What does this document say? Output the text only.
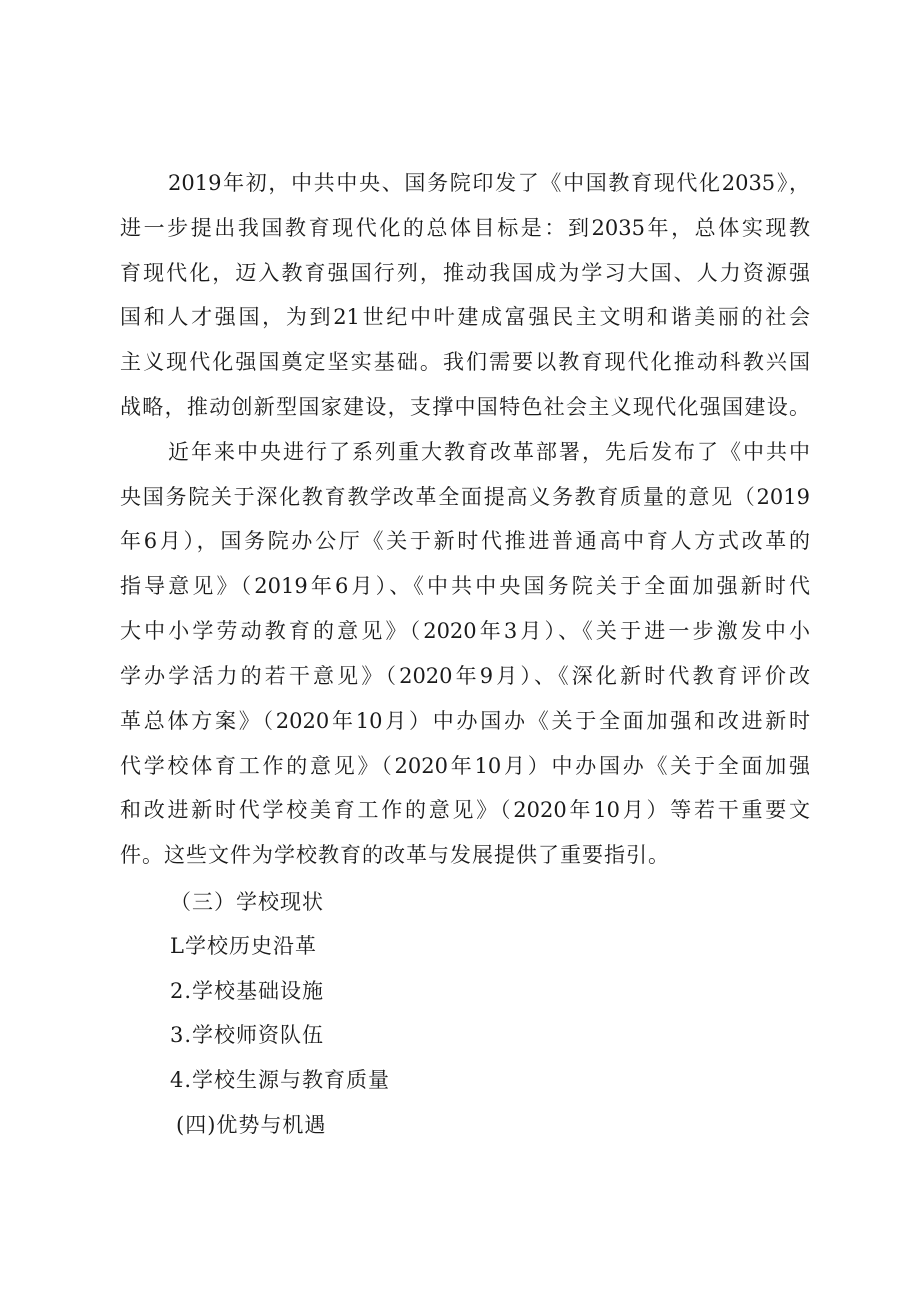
2019年初，中共中央、国务院印发了《中国教育现代化2035》，
进一步提出我国教育现代化的总体目标是：到2035年，总体实现教
育现代化，迈入教育强国行列，推动我国成为学习大国、人力资源强
国和人才强国，为到21世纪中叶建成富强民主文明和谐美丽的社会
主义现代化强国奠定坚实基础。我们需要以教育现代化推动科教兴国
战略，推动创新型国家建设，支撑中国特色社会主义现代化强国建设。
近年来中央进行了系列重大教育改革部署，先后发布了《中共中
央国务院关于深化教育教学改革全面提高义务教育质量的意见（2019
年6月），国务院办公厅《关于新时代推进普通高中育人方式改革的
指导意见》（2019年6月）、《中共中央国务院关于全面加强新时代
大中小学劳动教育的意见》（2020年3月）、《关于进一步激发中小
学办学活力的若干意见》（2020年9月）、《深化新时代教育评价改
革总体方案》（2020年10月）中办国办《关于全面加强和改进新时
代学校体育工作的意见》（2020年10月）中办国办《关于全面加强
和改进新时代学校美育工作的意见》（2020年10月）等若干重要文
件。这些文件为学校教育的改革与发展提供了重要指引。
（三）学校现状
L学校历史沿革
2.学校基础设施
3.学校师资队伍
4.学校生源与教育质量
(四)优势与机遇
